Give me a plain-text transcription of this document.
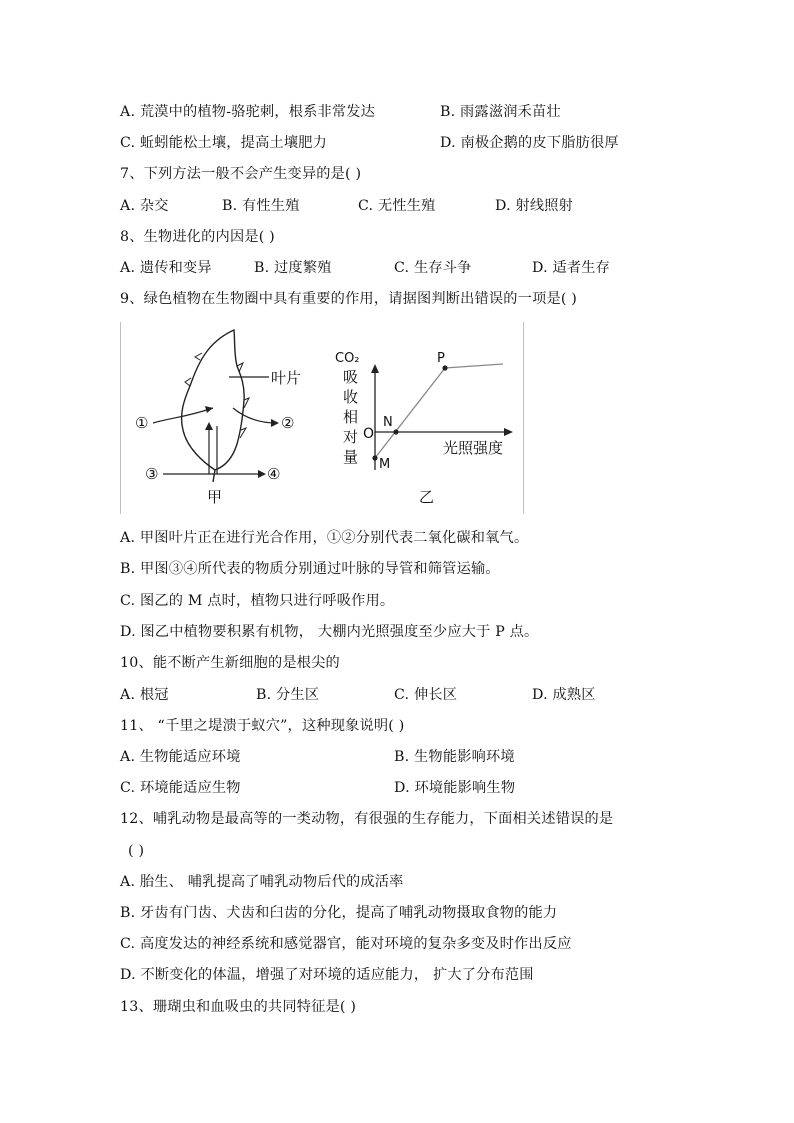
A. 荒漠中的植物-骆驼刺，根系非常发达	B. 雨露滋润禾苗壮
C. 蚯蚓能松土壤，提高土壤肥力	D. 南极企鹅的皮下脂肪很厚
7、下列方法一般不会产生变异的是( )
A. 杂交	B. 有性生殖	C. 无性生殖	D. 射线照射
8、生物进化的内因是( )
A. 遗传和变异	B. 过度繁殖	C. 生存斗争	D. 适者生存
9、绿色植物在生物圈中具有重要的作用，请据图判断出错误的一项是( )
A. 甲图叶片正在进行光合作用，①②分别代表二氧化碳和氧气。
B. 甲图③④所代表的物质分别通过叶脉的导管和筛管运输。
C. 图乙的 M 点时，植物只进行呼吸作用。
D. 图乙中植物要积累有机物， 大棚内光照强度至少应大于 P 点。
10、能不断产生新细胞的是根尖的
A. 根冠	B. 分生区	C. 伸长区	D. 成熟区
11、 “千里之堤溃于蚁穴”，这种现象说明( )
A. 生物能适应环境	B. 生物能影响环境
C. 环境能适应生物	D. 环境能影响生物
12、哺乳动物是最高等的一类动物，有很强的生存能力，下面相关述错误的是
( )
A. 胎生、 哺乳提高了哺乳动物后代的成活率
B. 牙齿有门齿、犬齿和臼齿的分化，提高了哺乳动物摄取食物的能力
C. 高度发达的神经系统和感觉器官，能对环境的复杂多变及时作出反应
D. 不断变化的体温，增强了对环境的适应能力， 扩大了分布范围
13、珊瑚虫和血吸虫的共同特征是( )
叶片
①	②
③	④
甲
CO₂
吸
收
相
对
量	光照强度
O
N
M
P
乙
